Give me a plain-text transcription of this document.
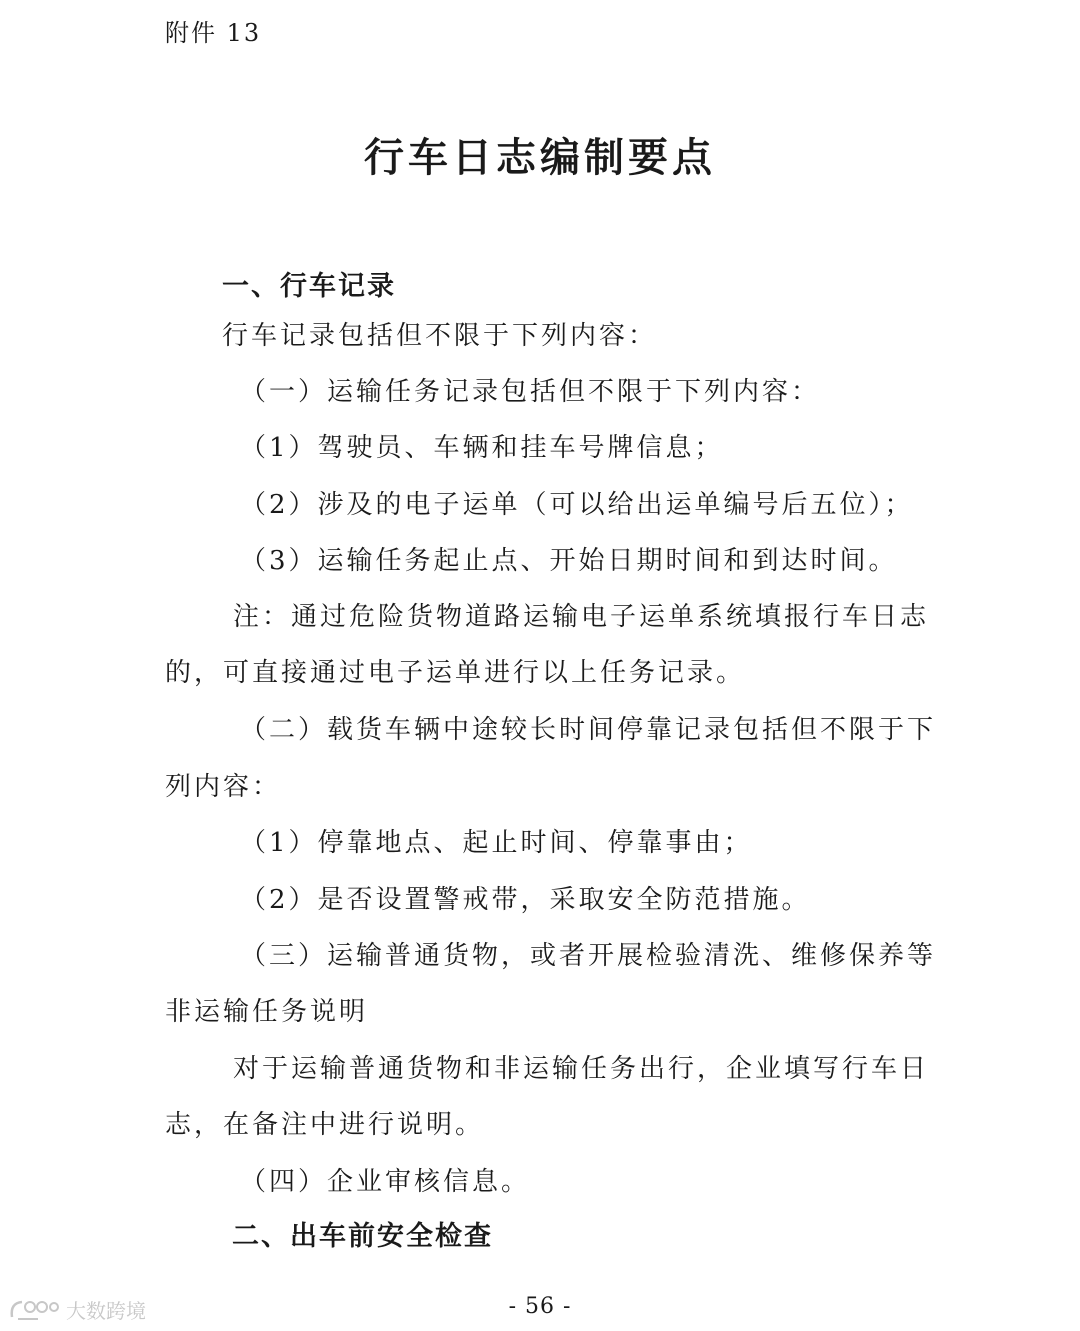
附件 13
行车日志编制要点
一、行车记录
行车记录包括但不限于下列内容：
（一）运输任务记录包括但不限于下列内容：
（1）驾驶员、车辆和挂车号牌信息；
（2）涉及的电子运单（可以给出运单编号后五位）；
（3）运输任务起止点、开始日期时间和到达时间。
注：通过危险货物道路运输电子运单系统填报行车日志
的，可直接通过电子运单进行以上任务记录。
（二）载货车辆中途较长时间停靠记录包括但不限于下
列内容：
（1）停靠地点、起止时间、停靠事由；
（2）是否设置警戒带，采取安全防范措施。
（三）运输普通货物，或者开展检验清洗、维修保养等
非运输任务说明
对于运输普通货物和非运输任务出行，企业填写行车日
志，在备注中进行说明。
（四）企业审核信息。
二、出车前安全检查
- 56 -
大数跨境
